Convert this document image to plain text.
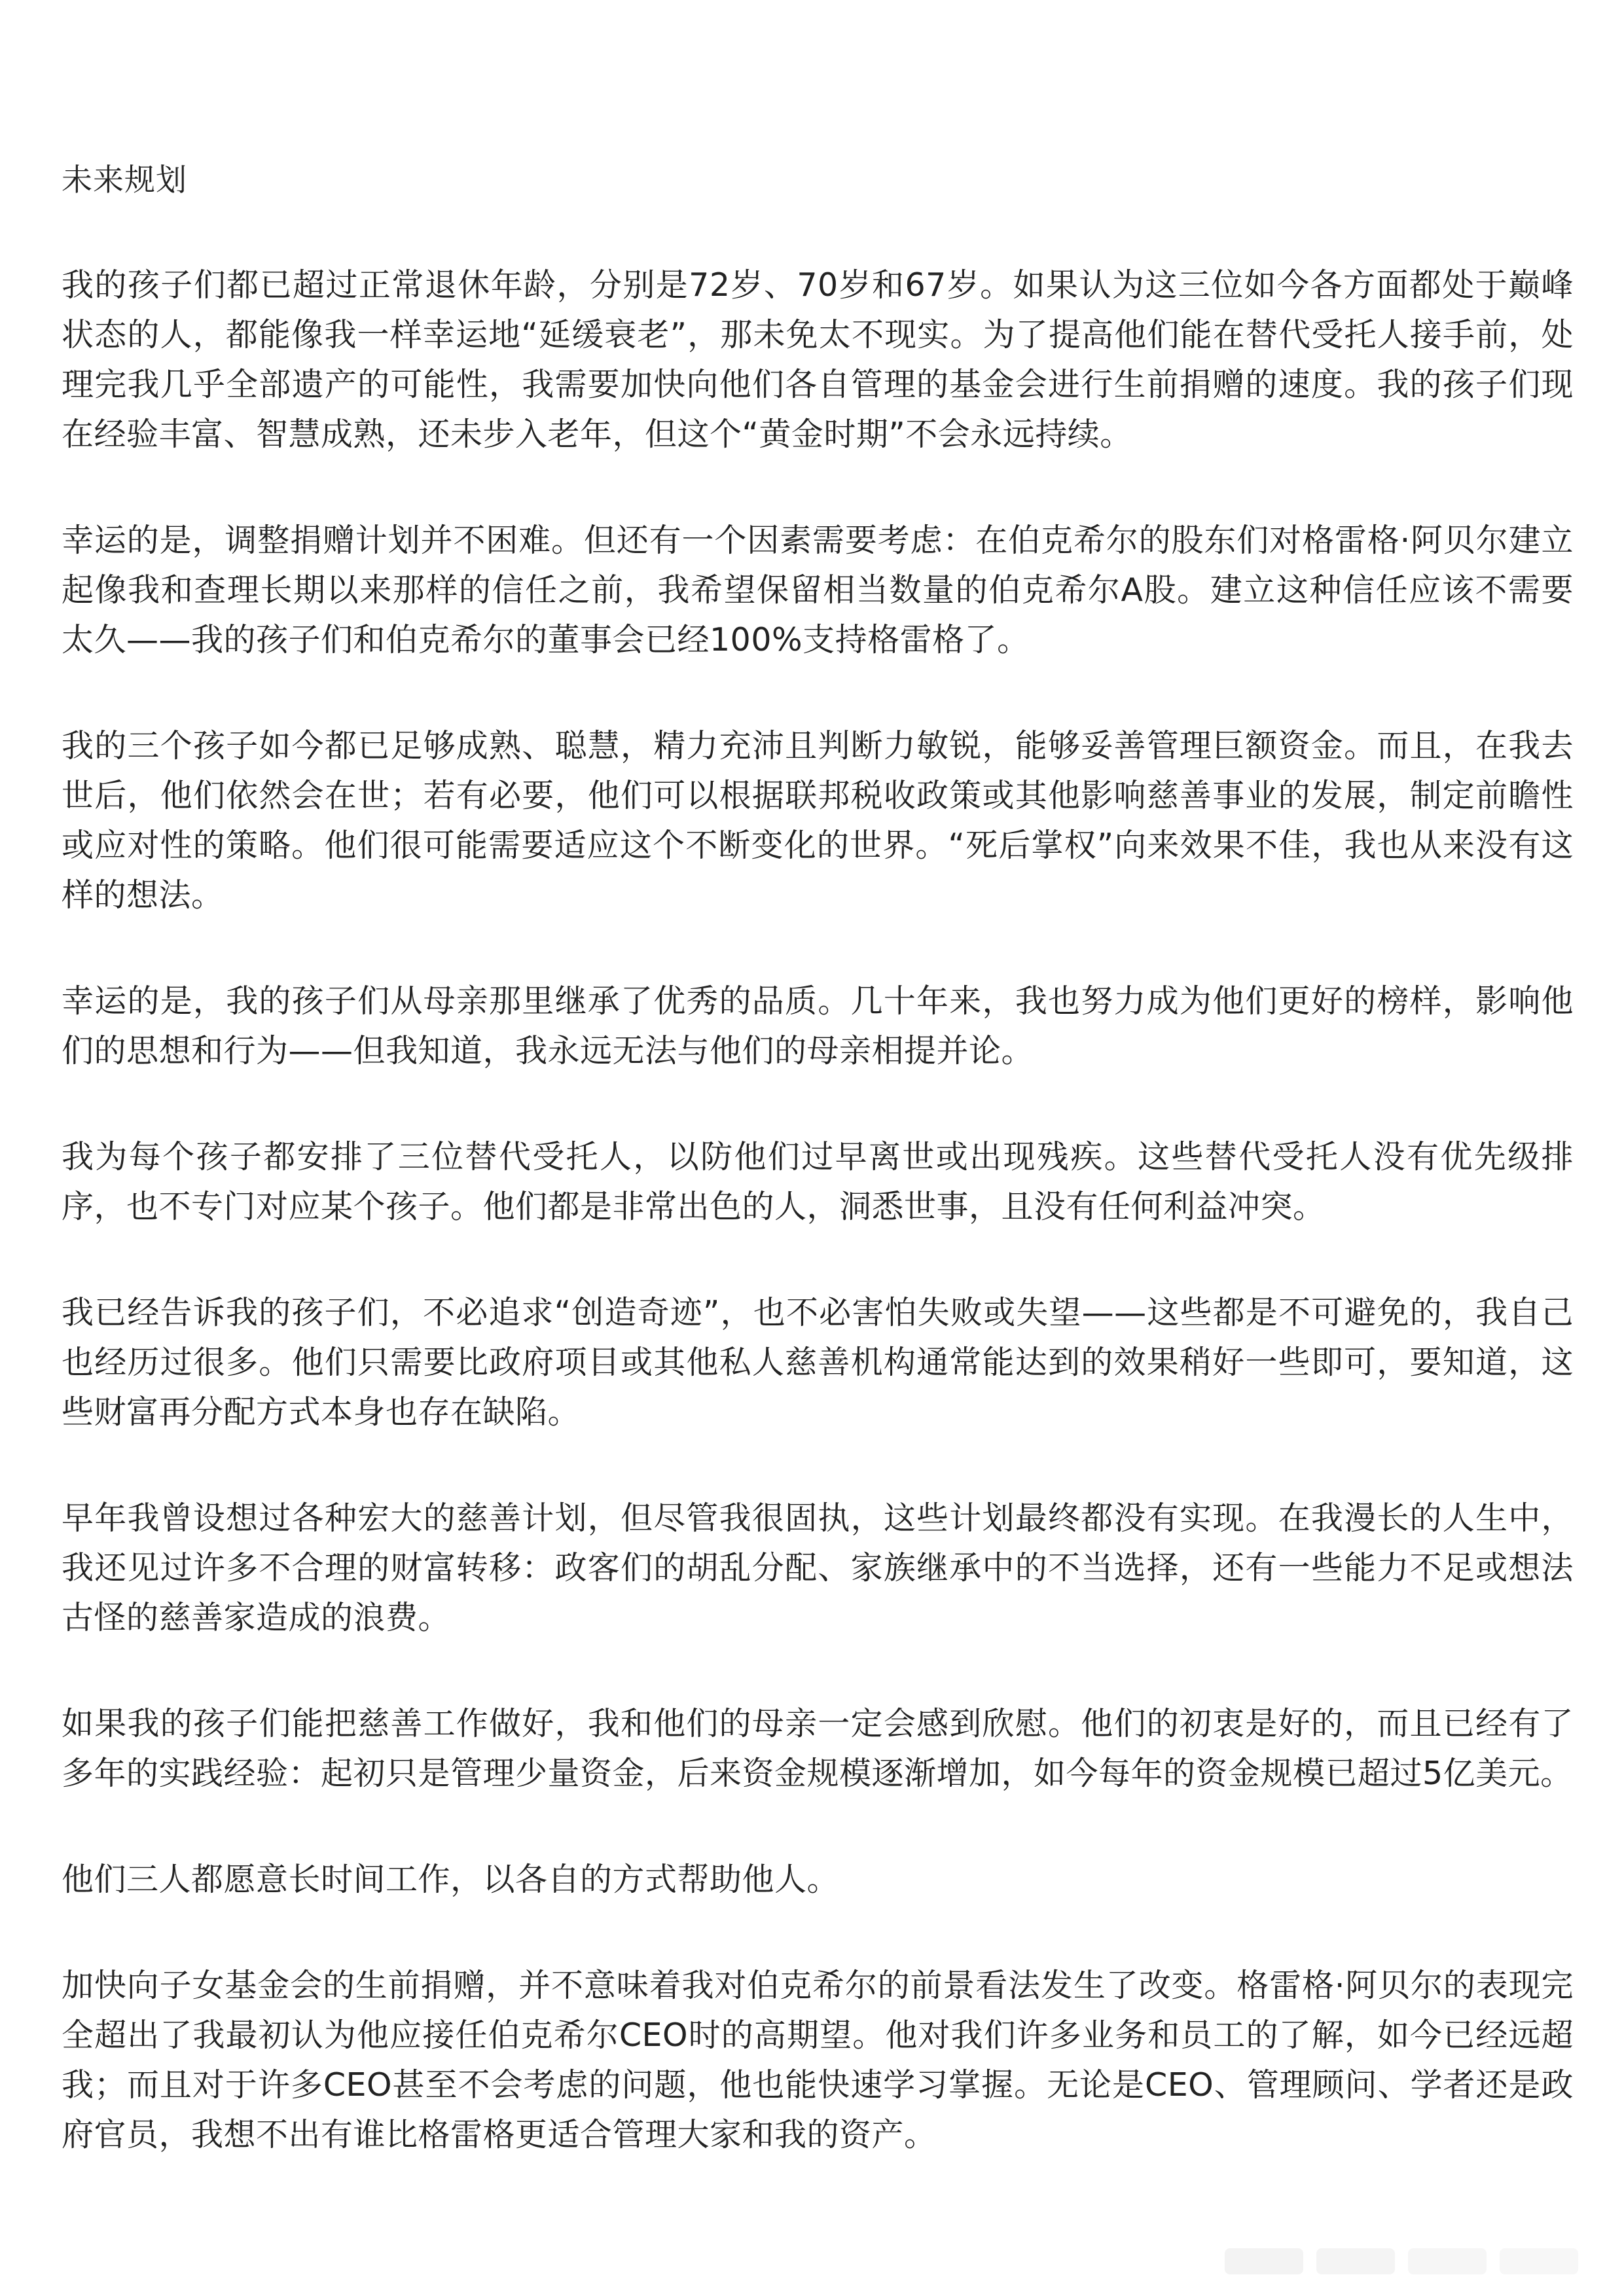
未来规划

我的孩子们都已超过正常退休年龄，分别是72岁、70岁和67岁。如果认为这三位如今各方面都处于巅峰状态的人，都能像我一样幸运地“延缓衰老”，那未免太不现实。为了提高他们能在替代受托人接手前，处理完我几乎全部遗产的可能性，我需要加快向他们各自管理的基金会进行生前捐赠的速度。我的孩子们现在经验丰富、智慧成熟，还未步入老年，但这个“黄金时期”不会永远持续。

幸运的是，调整捐赠计划并不困难。但还有一个因素需要考虑：在伯克希尔的股东们对格雷格·阿贝尔建立起像我和查理长期以来那样的信任之前，我希望保留相当数量的伯克希尔A股。建立这种信任应该不需要太久——我的孩子们和伯克希尔的董事会已经100%支持格雷格了。

我的三个孩子如今都已足够成熟、聪慧，精力充沛且判断力敏锐，能够妥善管理巨额资金。而且，在我去世后，他们依然会在世；若有必要，他们可以根据联邦税收政策或其他影响慈善事业的发展，制定前瞻性或应对性的策略。他们很可能需要适应这个不断变化的世界。“死后掌权”向来效果不佳，我也从来没有这样的想法。

幸运的是，我的孩子们从母亲那里继承了优秀的品质。几十年来，我也努力成为他们更好的榜样，影响他们的思想和行为——但我知道，我永远无法与他们的母亲相提并论。

我为每个孩子都安排了三位替代受托人，以防他们过早离世或出现残疾。这些替代受托人没有优先级排序，也不专门对应某个孩子。他们都是非常出色的人，洞悉世事，且没有任何利益冲突。

我已经告诉我的孩子们，不必追求“创造奇迹”，也不必害怕失败或失望——这些都是不可避免的，我自己也经历过很多。他们只需要比政府项目或其他私人慈善机构通常能达到的效果稍好一些即可，要知道，这些财富再分配方式本身也存在缺陷。

早年我曾设想过各种宏大的慈善计划，但尽管我很固执，这些计划最终都没有实现。在我漫长的人生中，我还见过许多不合理的财富转移：政客们的胡乱分配、家族继承中的不当选择，还有一些能力不足或想法古怪的慈善家造成的浪费。

如果我的孩子们能把慈善工作做好，我和他们的母亲一定会感到欣慰。他们的初衷是好的，而且已经有了多年的实践经验：起初只是管理少量资金，后来资金规模逐渐增加，如今每年的资金规模已超过5亿美元。

他们三人都愿意长时间工作，以各自的方式帮助他人。

加快向子女基金会的生前捐赠，并不意味着我对伯克希尔的前景看法发生了改变。格雷格·阿贝尔的表现完全超出了我最初认为他应接任伯克希尔CEO时的高期望。他对我们许多业务和员工的了解，如今已经远超我；而且对于许多CEO甚至不会考虑的问题，他也能快速学习掌握。无论是CEO、管理顾问、学者还是政府官员，我想不出有谁比格雷格更适合管理大家和我的资产。
